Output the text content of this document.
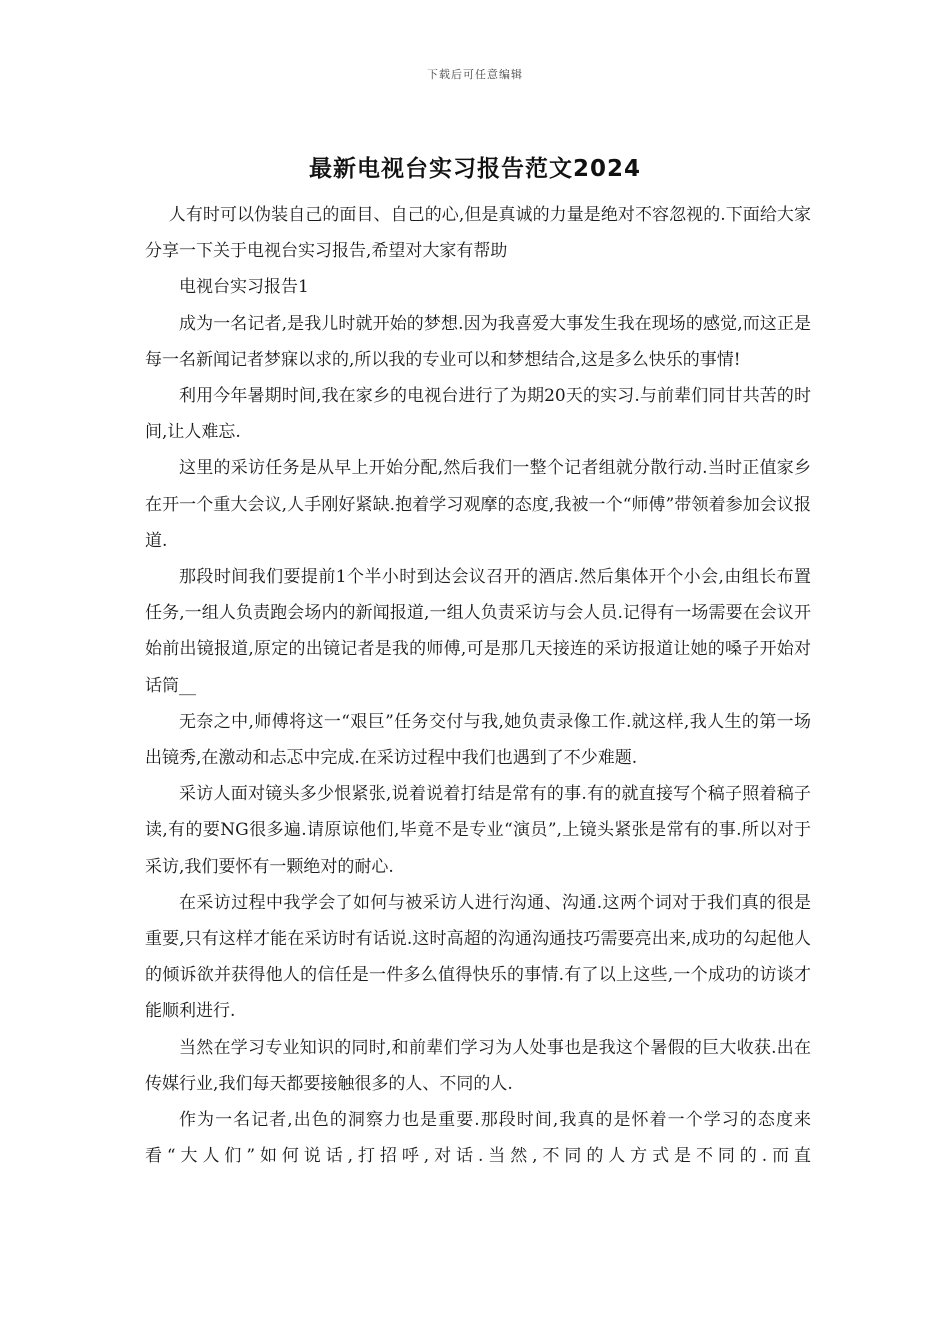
下载后可任意编辑
最新电视台实习报告范文2024

人有时可以伪装自己的面目、自己的心,但是真诚的力量是绝对不容忽视的.下面给大家分享一下关于电视台实习报告,希望对大家有帮助

电视台实习报告1

成为一名记者,是我儿时就开始的梦想.因为我喜爱大事发生我在现场的感觉,而这正是每一名新闻记者梦寐以求的,所以我的专业可以和梦想结合,这是多么快乐的事情!

利用今年暑期时间,我在家乡的电视台进行了为期20天的实习.与前辈们同甘共苦的时间,让人难忘.

这里的采访任务是从早上开始分配,然后我们一整个记者组就分散行动.当时正值家乡在开一个重大会议,人手刚好紧缺.抱着学习观摩的态度,我被一个“师傅”带领着参加会议报道.

那段时间我们要提前1个半小时到达会议召开的酒店.然后集体开个小会,由组长布置任务,一组人负责跑会场内的新闻报道,一组人负责采访与会人员.记得有一场需要在会议开始前出镜报道,原定的出镜记者是我的师傅,可是那几天接连的采访报道让她的嗓子开始对话筒__

无奈之中,师傅将这一“艰巨”任务交付与我,她负责录像工作.就这样,我人生的第一场出镜秀,在激动和忐忑中完成.在采访过程中我们也遇到了不少难题.

采访人面对镜头多少恨紧张,说着说着打结是常有的事.有的就直接写个稿子照着稿子读,有的要NG很多遍.请原谅他们,毕竟不是专业“演员”,上镜头紧张是常有的事.所以对于采访,我们要怀有一颗绝对的耐心.

在采访过程中我学会了如何与被采访人进行沟通、沟通.这两个词对于我们真的很是重要,只有这样才能在采访时有话说.这时高超的沟通沟通技巧需要亮出来,成功的勾起他人的倾诉欲并获得他人的信任是一件多么值得快乐的事情.有了以上这些,一个成功的访谈才能顺利进行.

当然在学习专业知识的同时,和前辈们学习为人处事也是我这个暑假的巨大收获.出在传媒行业,我们每天都要接触很多的人、不同的人.

作为一名记者,出色的洞察力也是重要.那段时间,我真的是怀着一个学习的态度来看“大人们”如何说话,打招呼,对话.当然,不同的人方式是不同的.而直
